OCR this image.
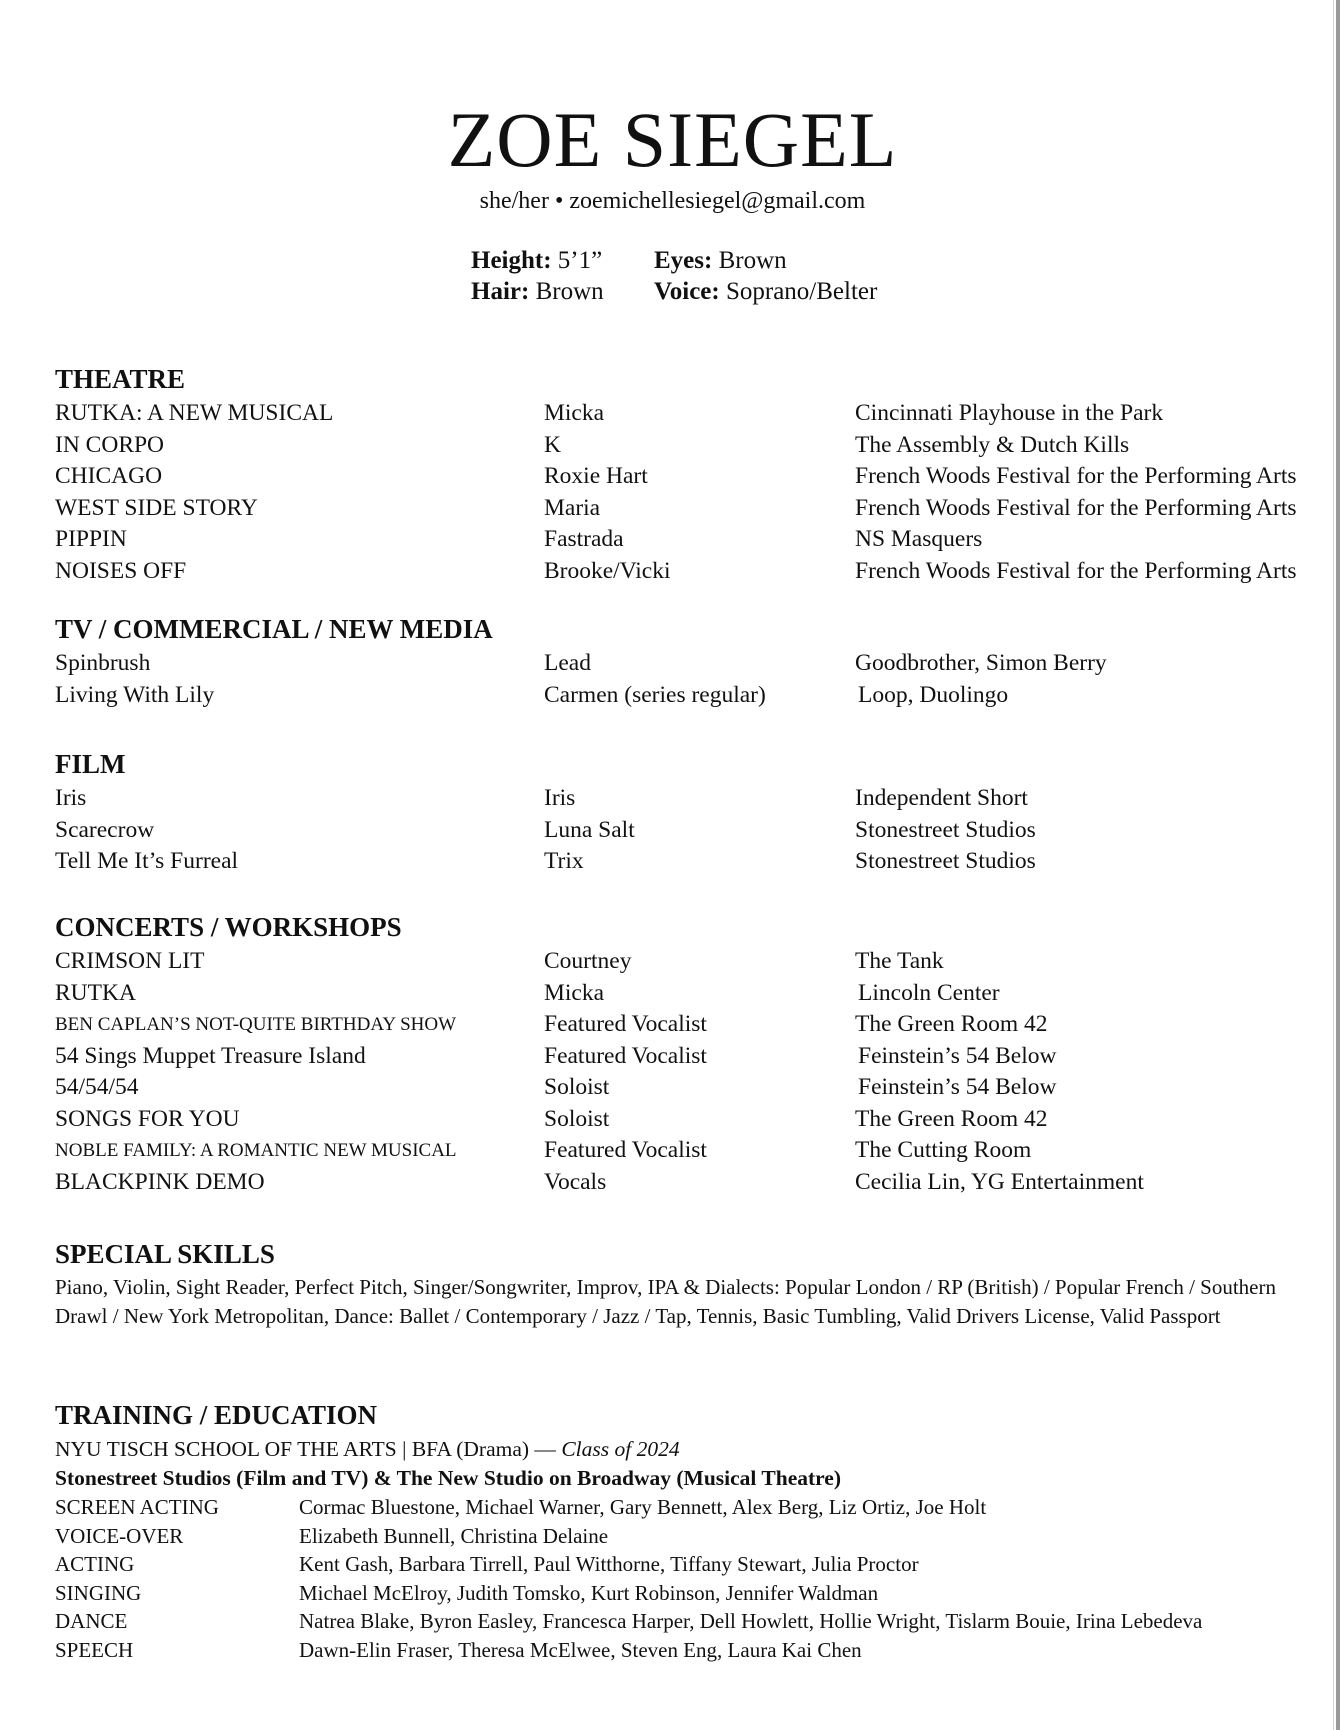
ZOE SIEGEL
she/her • zoemichellesiegel@gmail.com
Height: 5’1”	Eyes: Brown
Hair: Brown	Voice: Soprano/Belter
THEATRE
RUTKA: A NEW MUSICAL	Micka	Cincinnati Playhouse in the Park
IN CORPO	K	The Assembly & Dutch Kills
CHICAGO	Roxie Hart	French Woods Festival for the Performing Arts
WEST SIDE STORY	Maria	French Woods Festival for the Performing Arts
PIPPIN	Fastrada	NS Masquers
NOISES OFF	Brooke/Vicki	French Woods Festival for the Performing Arts
TV / COMMERCIAL / NEW MEDIA
Spinbrush	Lead	Goodbrother, Simon Berry
Living With Lily	Carmen (series regular)	Loop, Duolingo
FILM
Iris	Iris	Independent Short
Scarecrow	Luna Salt	Stonestreet Studios
Tell Me It’s Furreal	Trix	Stonestreet Studios
CONCERTS / WORKSHOPS
CRIMSON LIT	Courtney	The Tank
RUTKA	Micka	Lincoln Center
BEN CAPLAN’S NOT-QUITE BIRTHDAY SHOW	Featured Vocalist	The Green Room 42
54 Sings Muppet Treasure Island	Featured Vocalist	Feinstein’s 54 Below
54/54/54	Soloist	Feinstein’s 54 Below
SONGS FOR YOU	Soloist	The Green Room 42
NOBLE FAMILY: A ROMANTIC NEW MUSICAL	Featured Vocalist	The Cutting Room
BLACKPINK DEMO	Vocals	Cecilia Lin, YG Entertainment
SPECIAL SKILLS
Piano, Violin, Sight Reader, Perfect Pitch, Singer/Songwriter, Improv, IPA & Dialects: Popular London / RP (British) / Popular French / Southern Drawl / New York Metropolitan, Dance: Ballet / Contemporary / Jazz / Tap, Tennis, Basic Tumbling, Valid Drivers License, Valid Passport
TRAINING / EDUCATION
NYU TISCH SCHOOL OF THE ARTS | BFA (Drama) — Class of 2024
Stonestreet Studios (Film and TV) & The New Studio on Broadway (Musical Theatre)
SCREEN ACTING	Cormac Bluestone, Michael Warner, Gary Bennett, Alex Berg, Liz Ortiz, Joe Holt
VOICE-OVER	Elizabeth Bunnell, Christina Delaine
ACTING	Kent Gash, Barbara Tirrell, Paul Witthorne, Tiffany Stewart, Julia Proctor
SINGING	Michael McElroy, Judith Tomsko, Kurt Robinson, Jennifer Waldman
DANCE	Natrea Blake, Byron Easley, Francesca Harper, Dell Howlett, Hollie Wright, Tislarm Bouie, Irina Lebedeva
SPEECH	Dawn-Elin Fraser, Theresa McElwee, Steven Eng, Laura Kai Chen
